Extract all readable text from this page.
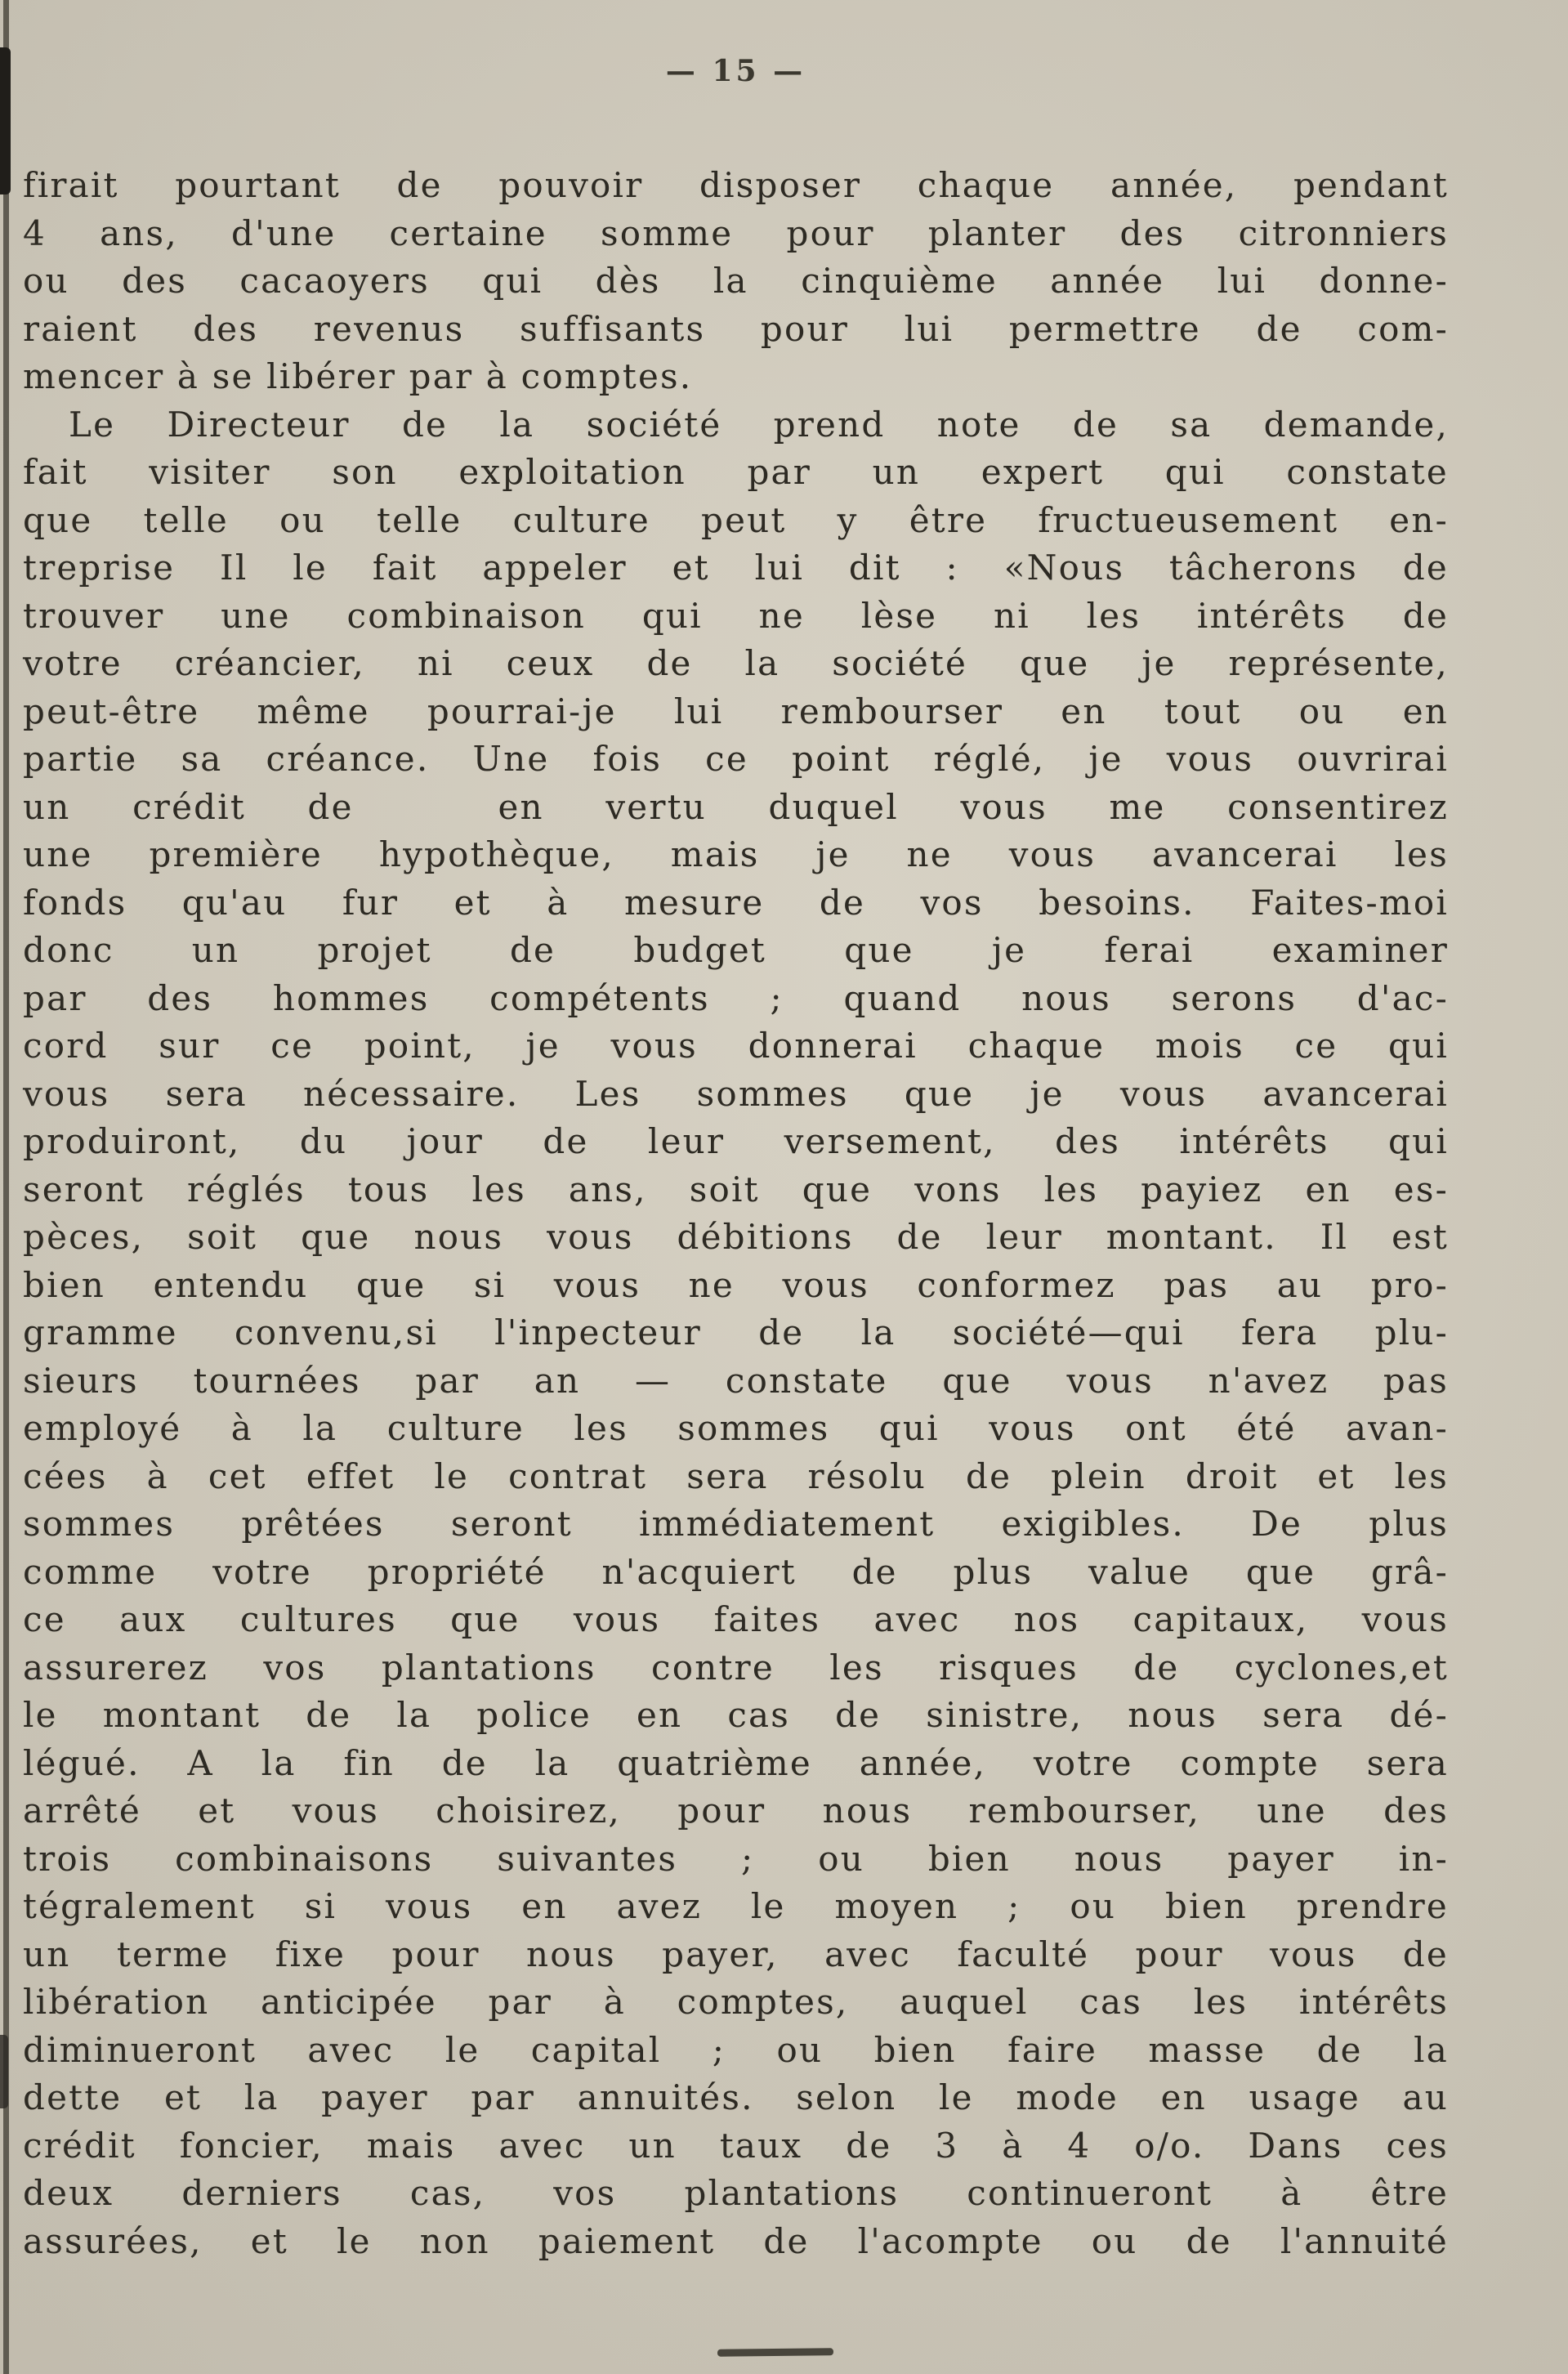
— 15 —
firait pourtant de pouvoir disposer chaque année, pendant
4 ans, d'une certaine somme pour planter des citronniers
ou des cacaoyers qui dès la cinquième année lui donne-
raient des revenus suffisants pour lui permettre de com-
mencer à se libérer par à comptes.
Le Directeur de la société prend note de sa demande,
fait visiter son exploitation par un expert qui constate
que telle ou telle culture peut y être fructueusement en-
treprise Il le fait appeler et lui dit : «Nous tâcherons de
trouver une combinaison qui ne lèse ni les intérêts de
votre créancier, ni ceux de la société que je représente,
peut-être même pourrai-je lui rembourser en tout ou en
partie sa créance. Une fois ce point réglé, je vous ouvrirai
un crédit de    en vertu duquel vous me consentirez
une première hypothèque, mais je ne vous avancerai les
fonds qu'au fur et à mesure de vos besoins. Faites-moi
donc un projet de budget que je ferai examiner
par des hommes compétents ; quand nous serons d'ac-
cord sur ce point, je vous donnerai chaque mois ce qui
vous sera nécessaire. Les sommes que je vous avancerai
produiront, du jour de leur versement, des intérêts qui
seront réglés tous les ans, soit que vons les payiez en es-
pèces, soit que nous vous débitions de leur montant. Il est
bien entendu que si vous ne vous conformez pas au pro-
gramme convenu,si l'inpecteur de la société—qui fera plu-
sieurs tournées par an — constate que vous n'avez pas
employé à la culture les sommes qui vous ont été avan-
cées à cet effet le contrat sera résolu de plein droit et les
sommes prêtées seront immédiatement exigibles. De plus
comme votre propriété n'acquiert de plus value que grâ-
ce aux cultures que vous faites avec nos capitaux, vous
assurerez vos plantations contre les risques de cyclones,et
le montant de la police en cas de sinistre, nous sera dé-
légué. A la fin de la quatrième année, votre compte sera
arrêté et vous choisirez, pour nous rembourser, une des
trois combinaisons suivantes ; ou bien nous payer in-
tégralement si vous en avez le moyen ; ou bien prendre
un terme fixe pour nous payer, avec faculté pour vous de
libération anticipée par à comptes, auquel cas les intérêts
diminueront avec le capital ; ou bien faire masse de la
dette et la payer par annuités. selon le mode en usage au
crédit foncier, mais avec un taux de 3 à 4 o/o. Dans ces
deux derniers cas, vos plantations continueront à être
assurées, et le non paiement de l'acompte ou de l'annuité
